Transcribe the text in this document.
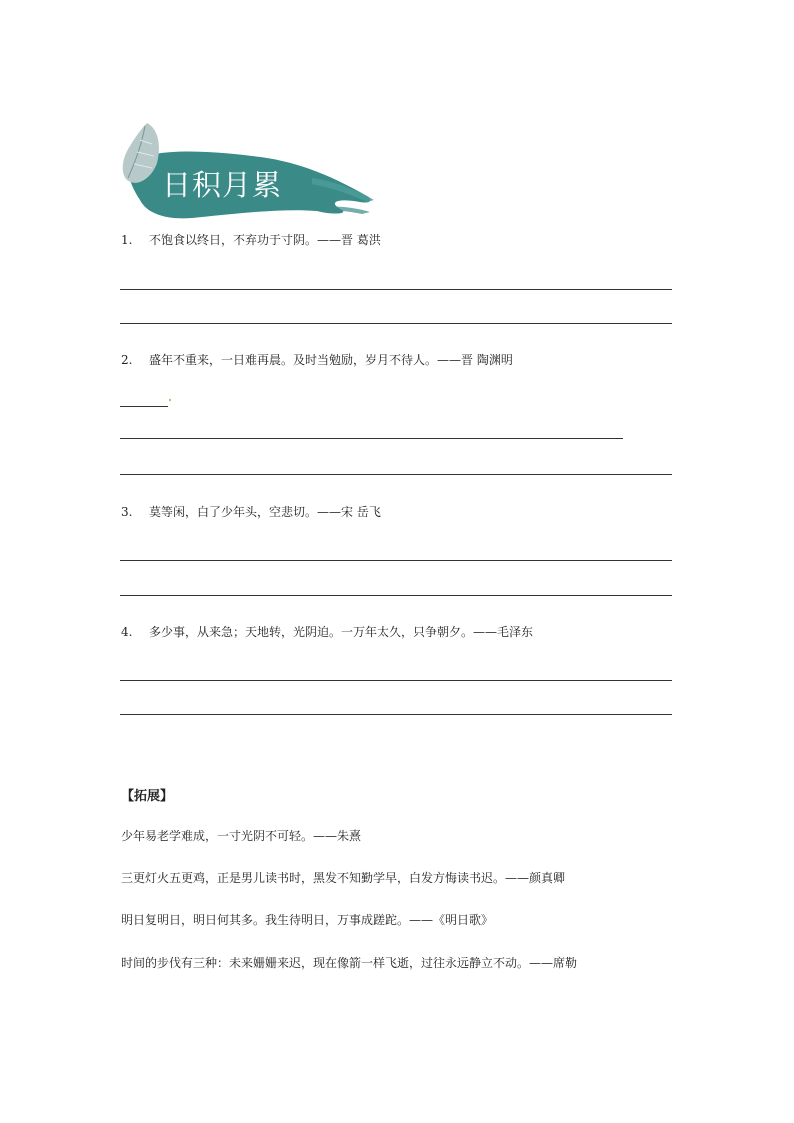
日积月累
1. 不饱食以终日，不弃功于寸阴。——晋 葛洪
2. 盛年不重来，一日难再晨。及时当勉励，岁月不待人。——晋 陶渊明
3. 莫等闲，白了少年头，空悲切。——宋 岳飞
4. 多少事，从来急；天地转，光阴迫。一万年太久，只争朝夕。——毛泽东
【拓展】
少年易老学难成，一寸光阴不可轻。——朱熹
三更灯火五更鸡，正是男儿读书时，黑发不知勤学早，白发方悔读书迟。——颜真卿
明日复明日，明日何其多。我生待明日，万事成蹉跎。——《明日歌》
时间的步伐有三种：未来姗姗来迟，现在像箭一样飞逝，过往永远静立不动。——席勒
